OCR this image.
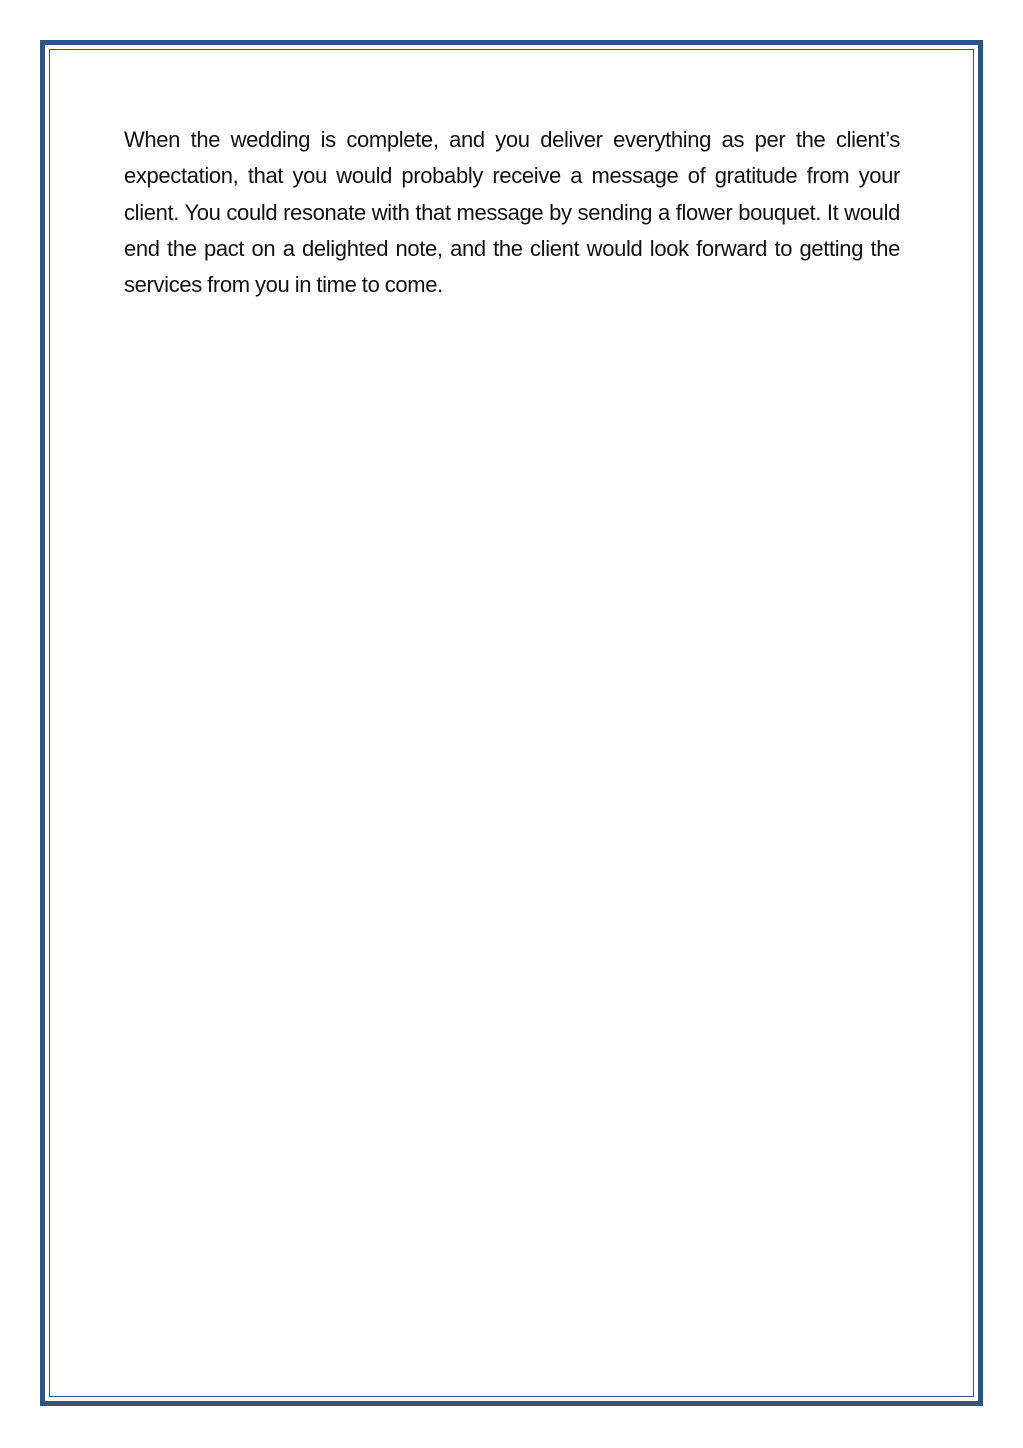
When the wedding is complete, and you deliver everything as per the client’s expectation, that you would probably receive a message of gratitude from your client. You could resonate with that message by sending a flower bouquet. It would end the pact on a delighted note, and the client would look forward to getting the services from you in time to come.
